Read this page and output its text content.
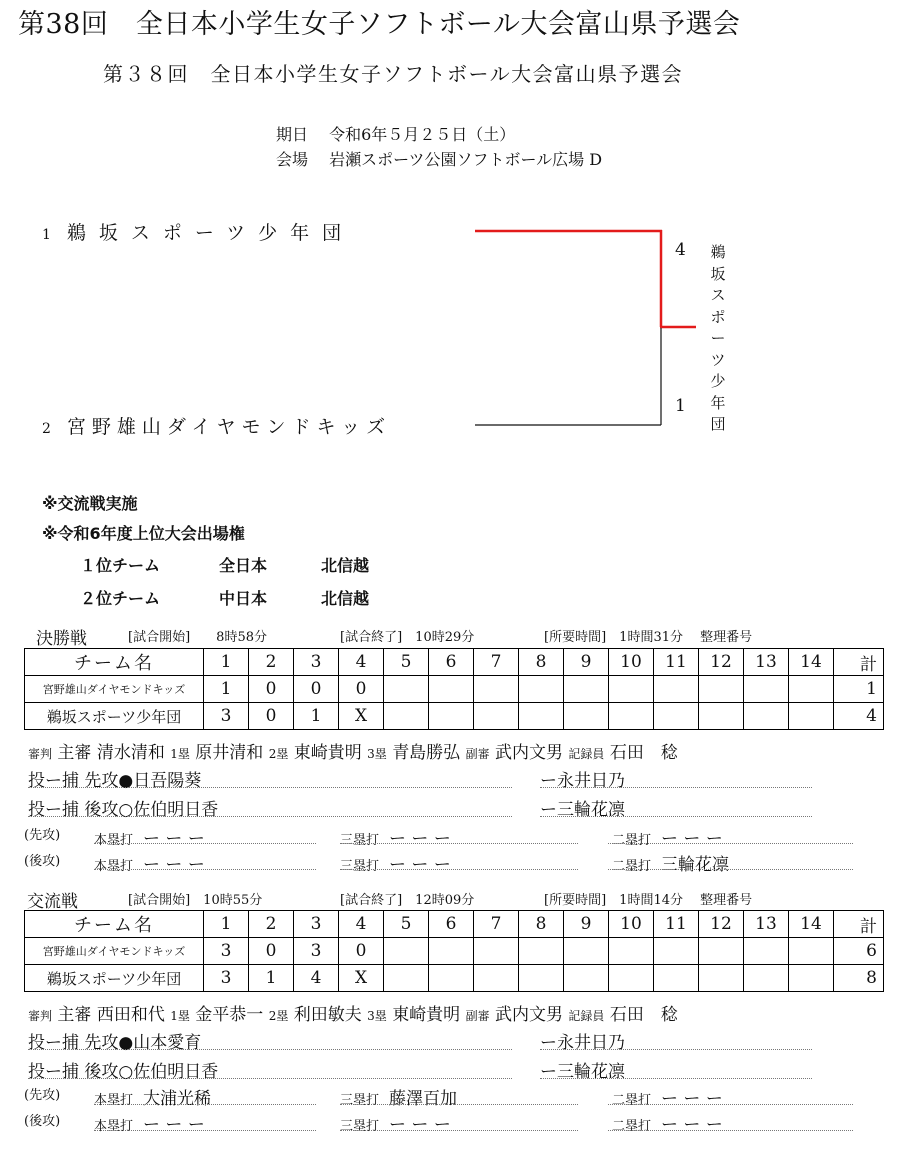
第38回　全日本小学生女子ソフトボール大会富山県予選会
第３８回　全日本小学生女子ソフトボール大会富山県予選会
期日　 令和6年５月２５日（土）
会場　 岩瀬スポーツ公園ソフトボール広場 D
1 鵜坂スポーツ少年団
2 宮野雄山ダイヤモンドキッズ
4
1
鵜坂スポーツ少年団
※交流戦実施
※令和6年度上位大会出場権
１位チーム	全日本	北信越
２位チーム	中日本	北信越
決勝戦	[試合開始]　　 8時58分	[試合終了]　 10時29分	[所要時間]　 1時間31分　 整理番号
チーム名	1	2	3	4	5	6	7	8	9	10	11	12	13	14	計
宮野雄山ダイヤモンドキッズ	1	0	0	0											1
鵜坂スポーツ少年団	3	0	1	X											4
審判 主審 清水清和 1塁 原井清和 2塁 東崎貴明 3塁 青島勝弘 副審 武内文男 記録員 石田　稔
投ー捕 先攻●日吾陽葵	ー永井日乃
投ー捕 後攻○佐伯明日香	ー三輪花凛
(先攻)	本塁打 ー ー ー	三塁打 ー ー ー	二塁打 ー ー ー
(後攻)	本塁打 ー ー ー	三塁打 ー ー ー	二塁打 三輪花凛
交流戦	[試合開始]　 10時55分	[試合終了]　 12時09分	[所要時間]　 1時間14分　 整理番号
チーム名	1	2	3	4	5	6	7	8	9	10	11	12	13	14	計
宮野雄山ダイヤモンドキッズ	3	0	3	0											6
鵜坂スポーツ少年団	3	1	4	X											8
審判 主審 西田和代 1塁 金平恭一 2塁 利田敏夫 3塁 東崎貴明 副審 武内文男 記録員 石田　稔
投ー捕 先攻●山本愛育	ー永井日乃
投ー捕 後攻○佐伯明日香	ー三輪花凛
(先攻)	本塁打 大浦光稀	三塁打 藤澤百加	二塁打 ー ー ー
(後攻)	本塁打 ー ー ー	三塁打 ー ー ー	二塁打 ー ー ー
